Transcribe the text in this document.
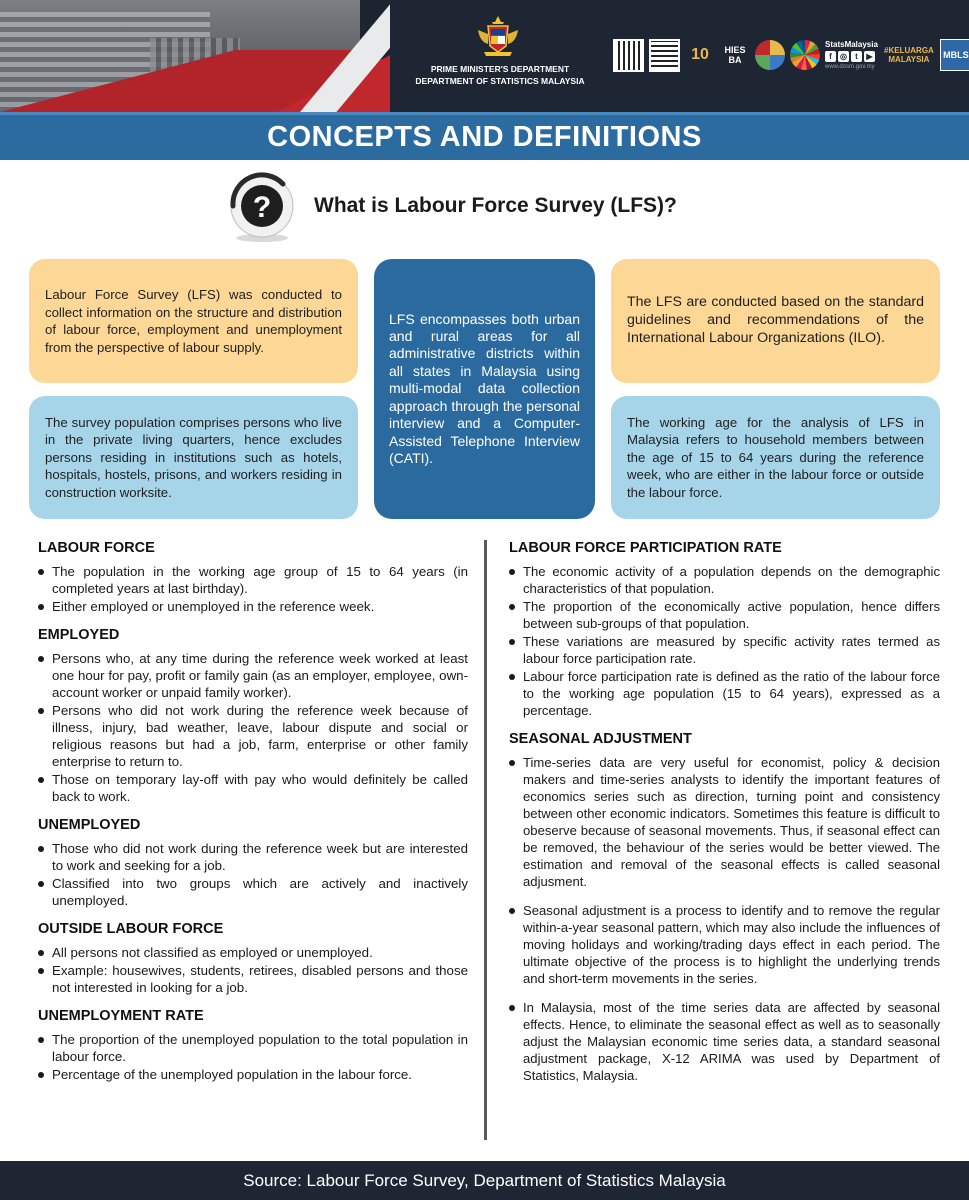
PRIME MINISTER'S DEPARTMENT
DEPARTMENT OF STATISTICS MALAYSIA
10	HIES BA
StatsMalaysia
f	◎	t	▶
www.dosm.gov.my
#KELUARGA MALAYSIA	MBLS
CONCEPTS AND DEFINITIONS
? What is Labour Force Survey (LFS)?
Labour Force Survey (LFS) was conducted to collect information on the structure and distribution of labour force, employment and unemployment from the perspective of labour supply.
The survey population comprises persons who live in the private living quarters, hence excludes persons residing in institutions such as hotels, hospitals, hostels, prisons, and workers residing in construction worksite.
LFS encompasses both urban and rural areas for all administrative districts within all states in Malaysia using multi-modal data collection approach through the personal interview and a Computer-Assisted Telephone Interview (CATI).
The LFS are conducted based on the standard guidelines and recommendations of the International Labour Organizations (ILO).
The working age for the analysis of LFS in Malaysia refers to household members between the age of 15 to 64 years during the reference week, who are either in the labour force or outside the labour force.
LABOUR FORCE
The population in the working age group of 15 to 64 years (in completed years at last birthday).
Either employed or unemployed in the reference week.
EMPLOYED
Persons who, at any time during the reference week worked at least one hour for pay, profit or family gain (as an employer, employee, own-account worker or unpaid family worker).
Persons who did not work during the reference week because of illness, injury, bad weather, leave, labour dispute and social or religious reasons but had a job, farm, enterprise or other family enterprise to return to.
Those on temporary lay-off with pay who would definitely be called back to work.
UNEMPLOYED
Those who did not work during the reference week but are interested to work and seeking for a job.
Classified into two groups which are actively and inactively unemployed.
OUTSIDE LABOUR FORCE
All persons not classified as employed or unemployed.
Example: housewives, students, retirees, disabled persons and those not interested in looking for a job.
UNEMPLOYMENT RATE
The proportion of the unemployed population to the total population in labour force.
Percentage of the unemployed population in the labour force.
LABOUR FORCE PARTICIPATION RATE
The economic activity of a population depends on the demographic characteristics of that population.
The proportion of the economically active population, hence differs between sub-groups of that population.
These variations are measured by specific activity rates termed as labour force participation rate.
Labour force participation rate is defined as the ratio of the labour force to the working age population (15 to 64 years), expressed as a percentage.
SEASONAL ADJUSTMENT
Time-series data are very useful for economist, policy & decision makers and time-series analysts to identify the important features of economics series such as direction, turning point and consistency between other economic indicators. Sometimes this feature is difficult to obeserve because of seasonal movements. Thus, if seasonal effect can be removed, the behaviour of the series would be better viewed. The estimation and removal of the seasonal effects is called seasonal adjusment.
Seasonal adjustment is a process to identify and to remove the regular within-a-year seasonal pattern, which may also include the influences of moving holidays and working/trading days effect in each period. The ultimate objective of the process is to highlight the underlying trends and short-term movements in the series.
In Malaysia, most of the time series data are affected by seasonal effects. Hence, to eliminate the seasonal effect as well as to seasonally adjust the Malaysian economic time series data, a standard seasonal adjustment package, X-12 ARIMA was used by Department of Statistics, Malaysia.
Source: Labour Force Survey, Department of Statistics Malaysia
